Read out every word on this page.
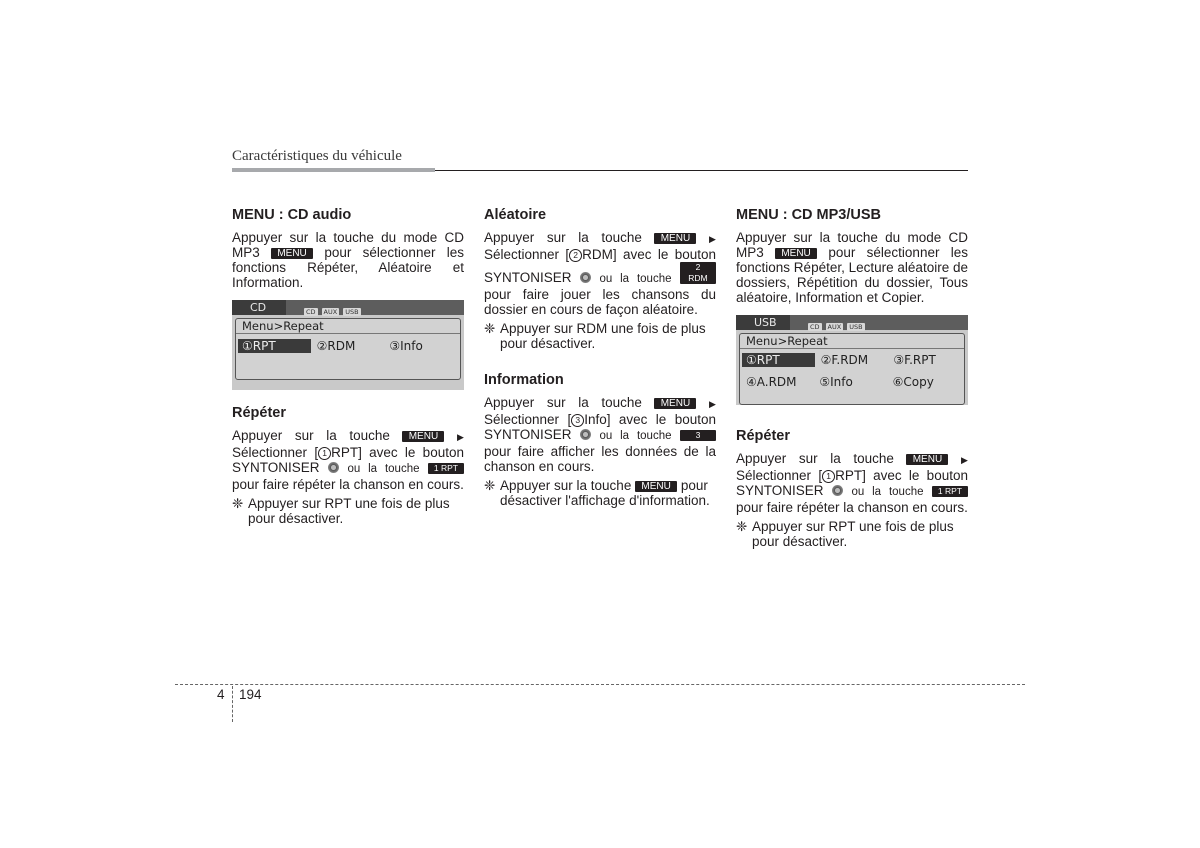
Caractéristiques du véhicule
MENU : CD audio

Appuyer sur la touche du mode CD MP3 MENU pour sélectionner les fonctions Répéter, Aléatoire et Information.

CD	CD AUX USB
Menu>Repeat
①RPT	②RDM	③Info
Répéter

Appuyer sur la touche MENU ▶ Sélectionner [ 1 RPT] avec le bouton SYNTONISER ou la touche 1 RPT pour faire répéter la chanson en cours.

❈ Appuyer sur RPT une fois de plus pour désactiver.
Aléatoire

Appuyer sur la touche MENU ▶ Sélectionner [ 2 RDM] avec le bouton SYNTONISER ou la touche 2 RDM pour faire jouer les chansons du dossier en cours de façon aléatoire.

❈ Appuyer sur RDM une fois de plus pour désactiver.
Information

Appuyer sur la touche MENU ▶ Sélectionner [ 3 Info] avec le bouton SYNTONISER ou la touche	3 pour faire afficher les données de la chanson en cours.

❈ Appuyer sur la touche MENU pour désactiver l'affichage d'information.
MENU : CD MP3/USB

Appuyer sur la touche du mode CD MP3 MENU pour sélectionner les fonctions Répéter, Lecture aléatoire de dossiers, Répétition du dossier, Tous aléatoire, Information et Copier.

USB	CD AUX USB
Menu>Repeat
①RPT	②F.RDM	③F.RPT
④A.RDM	⑤Info	⑥Copy
Répéter

Appuyer sur la touche MENU ▶ Sélectionner [ 1 RPT] avec le bouton SYNTONISER ou la touche 1 RPT pour faire répéter la chanson en cours.

❈ Appuyer sur RPT une fois de plus pour désactiver.
4 194
